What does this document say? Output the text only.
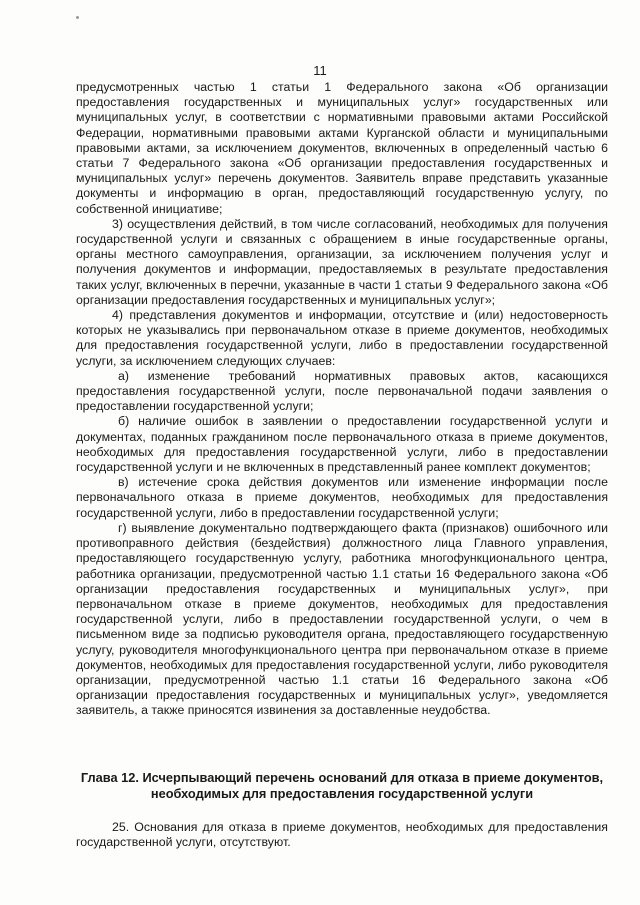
11

предусмотренных частью 1 статьи 1 Федерального закона «Об организации предоставления государственных и муниципальных услуг» государственных или муниципальных услуг, в соответствии с нормативными правовыми актами Российской Федерации, нормативными правовыми актами Курганской области и муниципальными правовыми актами, за исключением документов, включенных в определенный частью 6 статьи 7 Федерального закона «Об организации предоставления государственных и муниципальных услуг» перечень документов. Заявитель вправе представить указанные документы и информацию в орган, предоставляющий государственную услугу, по собственной инициативе;

3) осуществления действий, в том числе согласований, необходимых для получения государственной услуги и связанных с обращением в иные государственные органы, органы местного самоуправления, организации, за исключением получения услуг и получения документов и информации, предоставляемых в результате предоставления таких услуг, включенных в перечни, указанные в части 1 статьи 9 Федерального закона «Об организации предоставления государственных и муниципальных услуг»;

4) представления документов и информации, отсутствие и (или) недостоверность которых не указывались при первоначальном отказе в приеме документов, необходимых для предоставления государственной услуги, либо в предоставлении государственной услуги, за исключением следующих случаев:

а) изменение требований нормативных правовых актов, касающихся предоставления государственной услуги, после первоначальной подачи заявления о предоставлении государственной услуги;

б) наличие ошибок в заявлении о предоставлении государственной услуги и документах, поданных гражданином после первоначального отказа в приеме документов, необходимых для предоставления государственной услуги, либо в предоставлении государственной услуги и не включенных в представленный ранее комплект документов;

в) истечение срока действия документов или изменение информации после первоначального отказа в приеме документов, необходимых для предоставления государственной услуги, либо в предоставлении государственной услуги;

г) выявление документально подтверждающего факта (признаков) ошибочного или противоправного действия (бездействия) должностного лица Главного управления, предоставляющего государственную услугу, работника многофункционального центра, работника организации, предусмотренной частью 1.1 статьи 16 Федерального закона «Об организации предоставления государственных и муниципальных услуг», при первоначальном отказе в приеме документов, необходимых для предоставления государственной услуги, либо в предоставлении государственной услуги, о чем в письменном виде за подписью руководителя органа, предоставляющего государственную услугу, руководителя многофункционального центра при первоначальном отказе в приеме документов, необходимых для предоставления государственной услуги, либо руководителя организации, предусмотренной частью 1.1 статьи 16 Федерального закона «Об организации предоставления государственных и муниципальных услуг», уведомляется заявитель, а также приносятся извинения за доставленные неудобства.

Глава 12. Исчерпывающий перечень оснований для отказа в приеме документов, необходимых для предоставления государственной услуги

25. Основания для отказа в приеме документов, необходимых для предоставления государственной услуги, отсутствуют.
